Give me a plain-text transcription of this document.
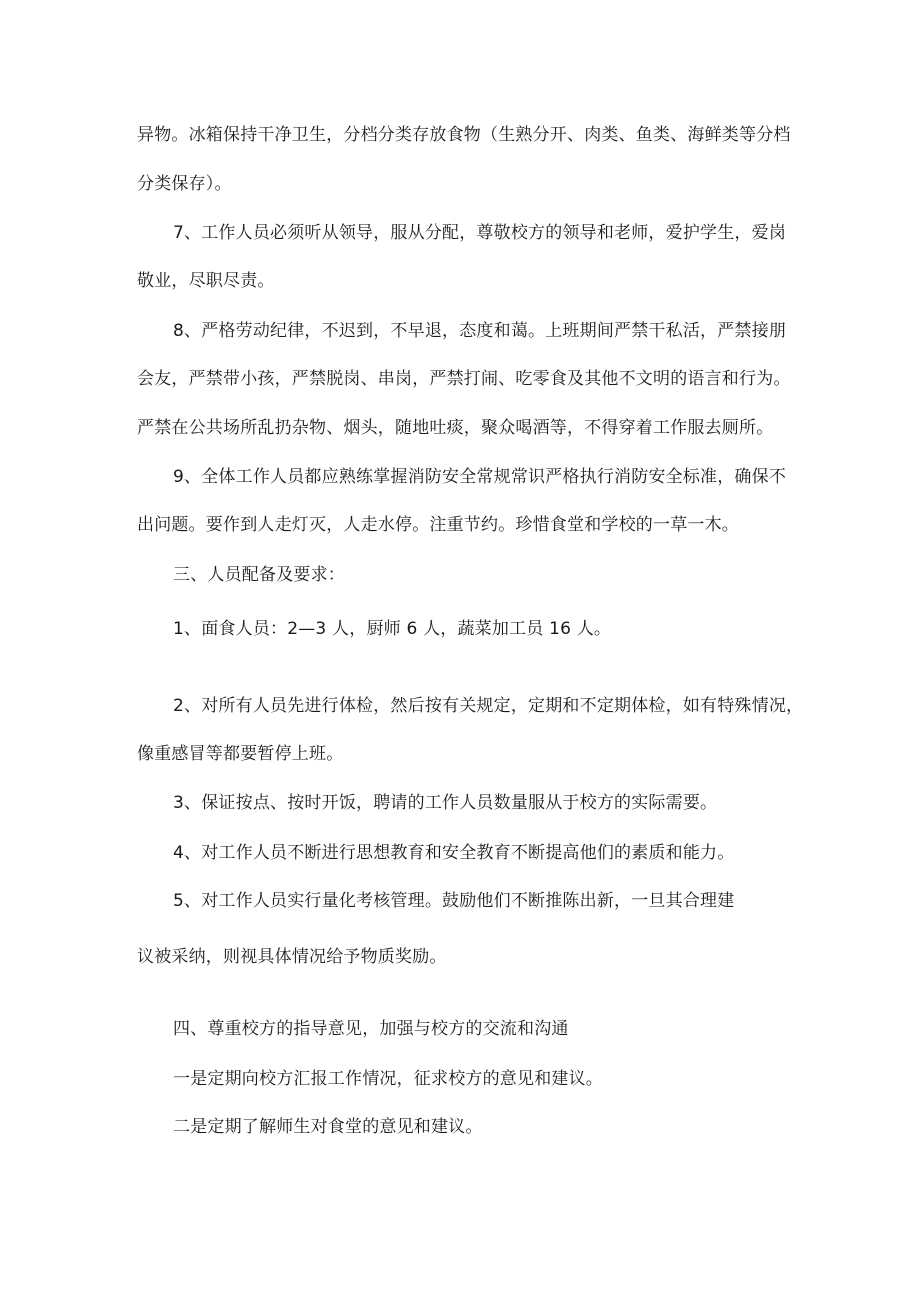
异物。冰箱保持干净卫生，分档分类存放食物（生熟分开、肉类、鱼类、海鲜类等分档
分类保存）。
7、工作人员必须听从领导，服从分配，尊敬校方的领导和老师，爱护学生，爱岗
敬业，尽职尽责。
8、严格劳动纪律，不迟到，不早退，态度和蔼。上班期间严禁干私活，严禁接朋
会友，严禁带小孩，严禁脱岗、串岗，严禁打闹、吃零食及其他不文明的语言和行为。
严禁在公共场所乱扔杂物、烟头，随地吐痰，聚众喝酒等，不得穿着工作服去厕所。
9、全体工作人员都应熟练掌握消防安全常规常识严格执行消防安全标准，确保不
出问题。要作到人走灯灭，人走水停。注重节约。珍惜食堂和学校的一草一木。
三、人员配备及要求：
1、面食人员：2—3 人，厨师 6 人，蔬菜加工员 16 人。
2、对所有人员先进行体检，然后按有关规定，定期和不定期体检，如有特殊情况，
像重感冒等都要暂停上班。
3、保证按点、按时开饭，聘请的工作人员数量服从于校方的实际需要。
4、对工作人员不断进行思想教育和安全教育不断提高他们的素质和能力。
5、对工作人员实行量化考核管理。鼓励他们不断推陈出新，一旦其合理建
议被采纳，则视具体情况给予物质奖励。
四、尊重校方的指导意见，加强与校方的交流和沟通
一是定期向校方汇报工作情况，征求校方的意见和建议。
二是定期了解师生对食堂的意见和建议。
